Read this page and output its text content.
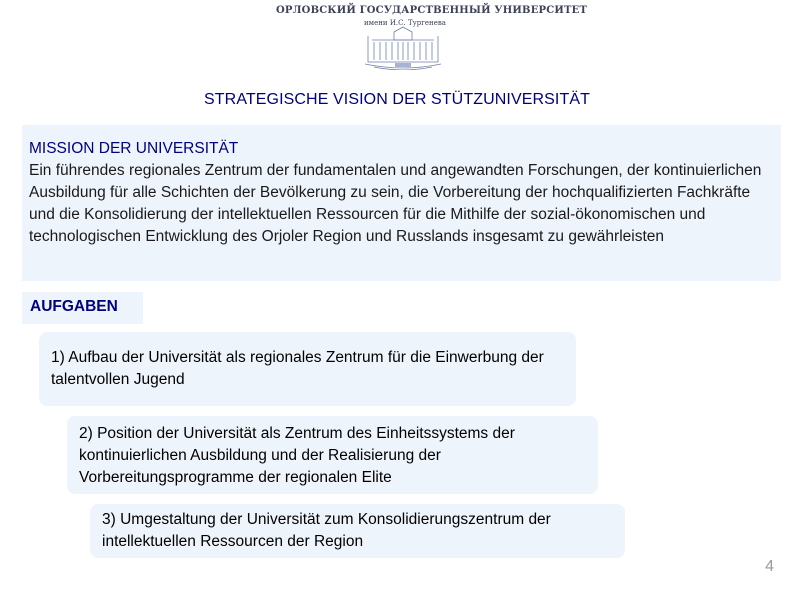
ОРЛОВСКИЙ ГОСУДАРСТВЕННЫЙ УНИВЕРСИТЕТ
имени И.С. Тургенева
STRATEGISCHE VISION DER STÜTZUNIVERSITÄT
MISSION DER UNIVERSITÄT
Ein führendes regionales Zentrum der fundamentalen und angewandten Forschungen, der kontinuierlichen Ausbildung für alle Schichten der Bevölkerung zu sein, die Vorbereitung der hochqualifizierten Fachkräfte und die Konsolidierung der intellektuellen Ressourcen für die Mithilfe der sozial-ökonomischen und technologischen Entwicklung des Orjoler Region und Russlands insgesamt zu gewährleisten
AUFGABEN
1) Aufbau der Universität als regionales Zentrum für die Einwerbung der talentvollen Jugend
2) Position der Universität als Zentrum des Einheitssystems der kontinuierlichen Ausbildung und der Realisierung der Vorbereitungsprogramme der regionalen Elite
3) Umgestaltung der Universität zum Konsolidierungszentrum der intellektuellen Ressourcen der Region
4
